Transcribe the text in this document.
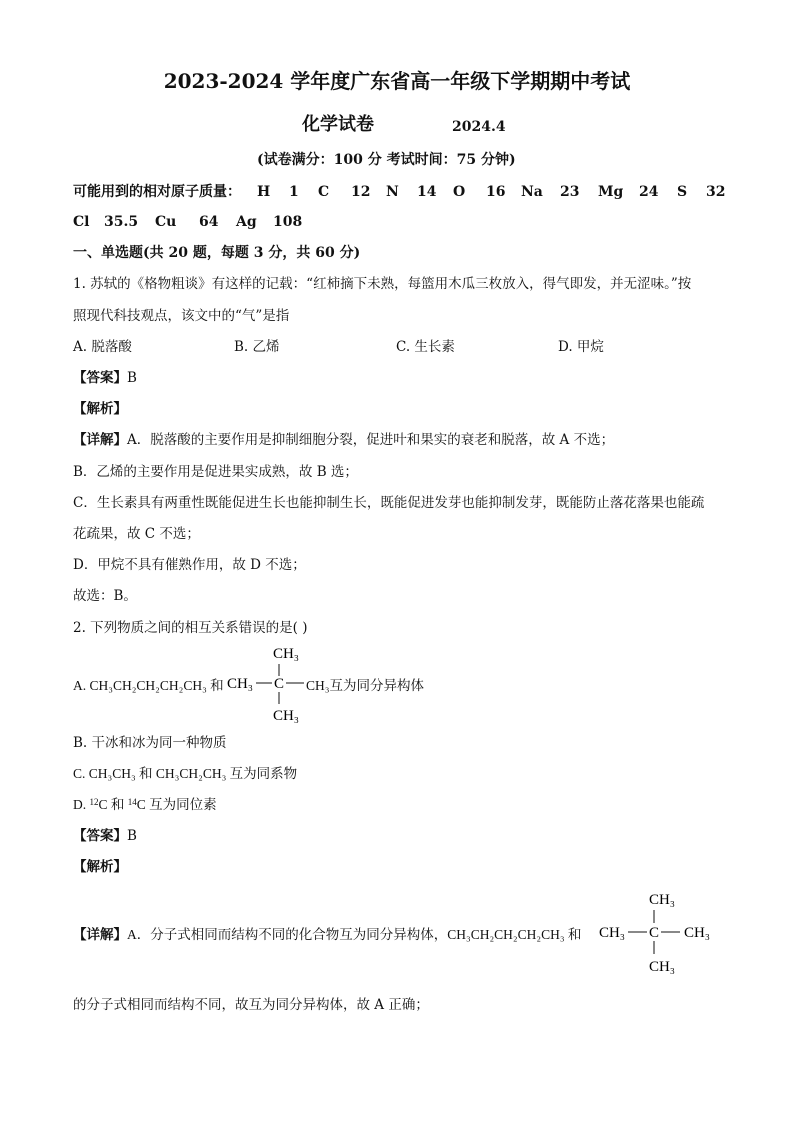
2023-2024 学年度广东省高一年级下学期期中考试
化学试卷	2024.4
(试卷满分：100 分 考试时间：75 分钟)
可能用到的相对原子质量： H 1 C 12 N 14 O 16 Na 23 Mg 24 S 32
Cl 35.5 Cu 64 Ag 108
一、单选题(共 20 题，每题 3 分，共 60 分)
1. 苏轼的《格物粗谈》有这样的记载：“红柿摘下未熟，每篮用木瓜三枚放入，得气即发，并无涩味。”按
照现代科技观点，该文中的“气”是指
A. 脱落酸	B. 乙烯	C. 生长素	D. 甲烷
【答案】B
【解析】
【详解】A．脱落酸的主要作用是抑制细胞分裂，促进叶和果实的衰老和脱落，故 A 不选；
B．乙烯的主要作用是促进果实成熟，故 B 选；
C．生长素具有两重性既能促进生长也能抑制生长，既能促进发芽也能抑制发芽，既能防止落花落果也能疏
花疏果，故 C 不选；
D．甲烷不具有催熟作用，故 D 不选；
故选：B。
2. 下列物质之间的相互关系错误的是( )
A. CH₃CH₂CH₂CH₂CH₃ 和
CH₃
CH₃ C
CH₃
CH₃互为同分异构体
B. 干冰和冰为同一种物质
C. CH₃CH₃ 和 CH₃CH₂CH₃ 互为同系物
D. $^{12}$C 和 $^{14}$C 互为同位素
【答案】B
【解析】
【详解】A．分子式相同而结构不同的化合物互为同分异构体，CH₃CH₂CH₂CH₂CH₃ 和
CH₃
CH₃ C CH₃
CH₃
的分子式相同而结构不同，故互为同分异构体，故 A 正确；
